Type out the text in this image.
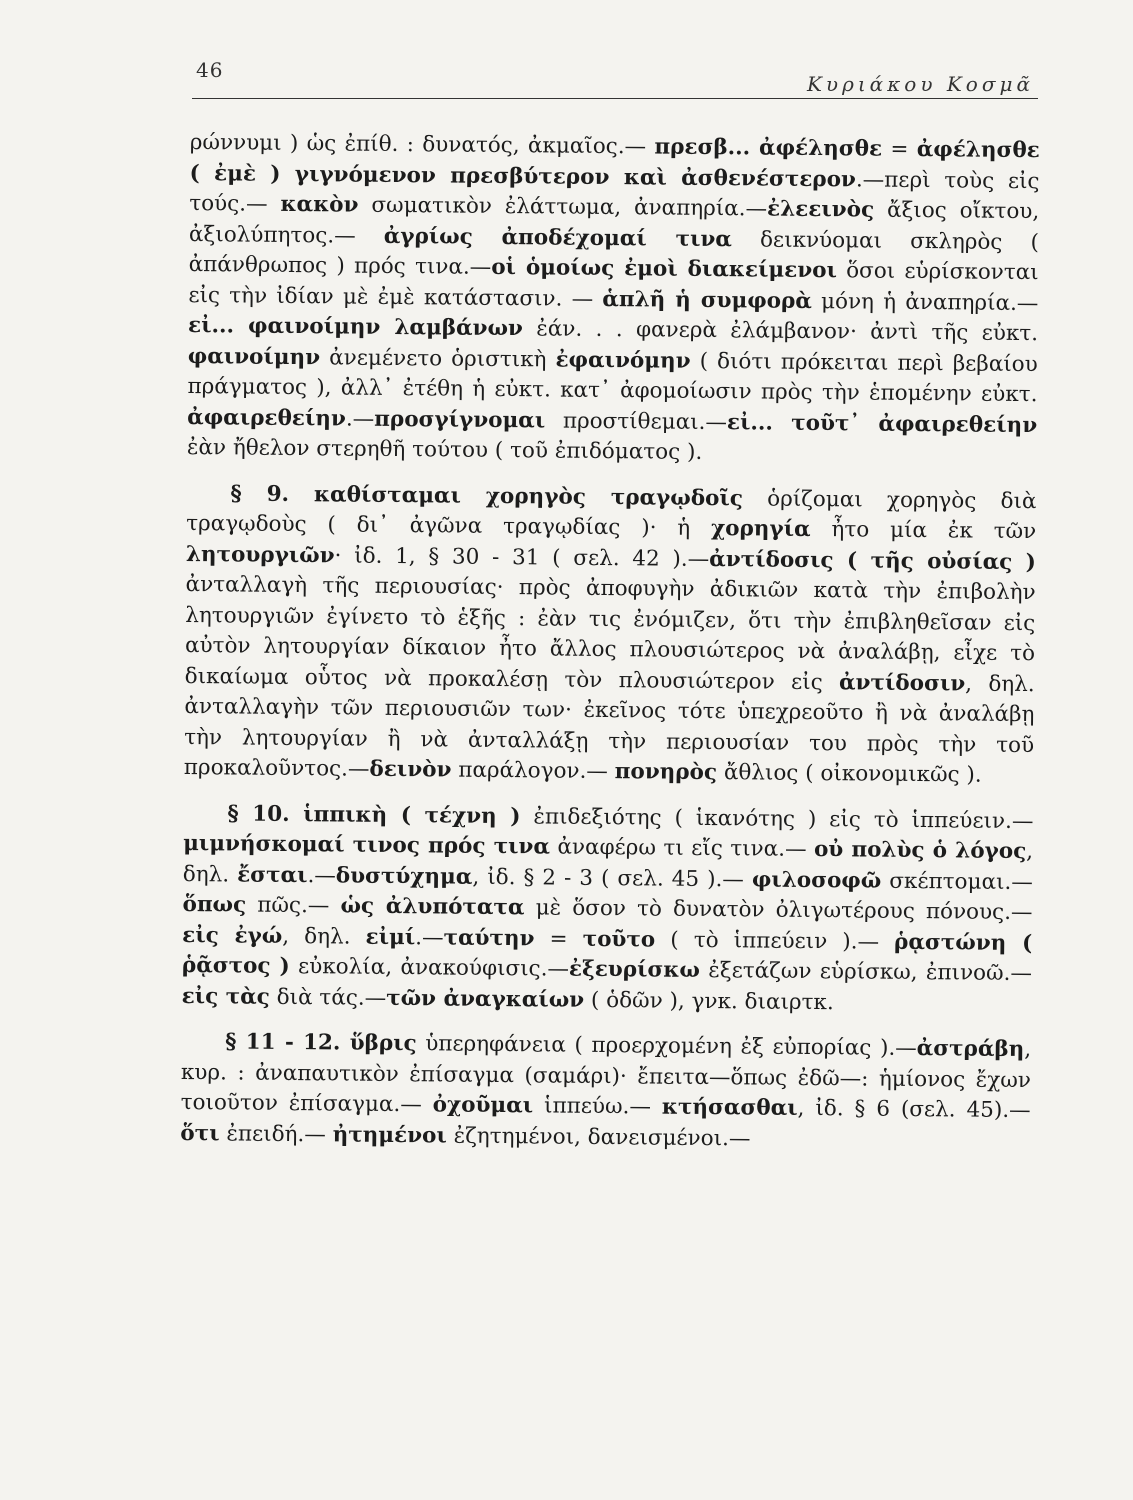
46
Κυριάκου Κοσμᾶ

ρώννυμι ) ὡς ἐπίθ. : δυνατός, ἀκμαῖος.— πρεσβ... ἀφέλησθε = ἀφέλησθε ( ἐμὲ ) γιγνόμενον πρεσβύτερον καὶ ἀσθενέστερον.—περὶ τοὺς εἰς τούς.— κακὸν σωματικὸν ἐλάττωμα, ἀναπηρία.—ἐλεεινὸς ἄξιος οἴκτου, ἀξιολύπητος.— ἀγρίως ἀποδέχομαί τινα δεικνύομαι σκληρὸς ( ἀπάνθρωπος ) πρός τινα.—οἱ ὁμοίως ἐμοὶ διακείμενοι ὅσοι εὑρίσκονται εἰς τὴν ἰδίαν μὲ ἐμὲ κατάστασιν. — ἁπλῆ ἡ συμφορὰ μόνη ἡ ἀναπηρία.— εἰ... φαινοίμην λαμβάνων ἐάν. . . φανερὰ ἐλάμβανον· ἀντὶ τῆς εὐκτ. φαινοίμην ἀνεμένετο ὁριστικὴ ἐφαινόμην ( διότι πρόκειται περὶ βεβαίου πράγματος ), ἀλλ᾽ ἐτέθη ἡ εὐκτ. κατ᾽ ἀφομοίωσιν πρὸς τὴν ἑπομένην εὐκτ. ἀφαιρεθείην.—προσγίγνομαι προστίθεμαι.—εἰ... τοῦτ᾽ ἀφαιρεθείην ἐὰν ἤθελον στερηθῆ τούτου ( τοῦ ἐπιδόματος ).

§ 9. καθίσταμαι χορηγὸς τραγῳδοῖς ὁρίζομαι χορηγὸς διὰ τραγῳδοὺς ( δι᾽ ἀγῶνα τραγῳδίας )· ἡ χορηγία ἦτο μία ἐκ τῶν λητουργιῶν· ἰδ. 1, § 30 - 31 ( σελ. 42 ).—ἀντίδοσις ( τῆς οὐσίας ) ἀνταλλαγὴ τῆς περιουσίας· πρὸς ἀποφυγὴν ἀδικιῶν κατὰ τὴν ἐπιβολὴν λητουργιῶν ἐγίνετο τὸ ἑξῆς : ἐὰν τις ἐνόμιζεν, ὅτι τὴν ἐπιβληθεῖσαν εἰς αὐτὸν λητουργίαν δίκαιον ἦτο ἄλλος πλουσιώτερος νὰ ἀναλάβῃ, εἶχε τὸ δικαίωμα οὗτος νὰ προκαλέσῃ τὸν πλουσιώτερον εἰς ἀντίδοσιν, δηλ. ἀνταλλαγὴν τῶν περιουσιῶν των· ἐκεῖνος τότε ὑπεχρεοῦτο ἢ νὰ ἀναλάβῃ τὴν λητουργίαν ἢ νὰ ἀνταλλάξῃ τὴν περιουσίαν του πρὸς τὴν τοῦ προκαλοῦντος.—δεινὸν παράλογον.— πονηρὸς ἄθλιος ( οἰκονομικῶς ).

§ 10. ἱππικὴ ( τέχνη ) ἐπιδεξιότης ( ἱκανότης ) εἰς τὸ ἱππεύειν.—μιμνήσκομαί τινος πρός τινα ἀναφέρω τι εἴς τινα.— οὐ πολὺς ὁ λόγος, δηλ. ἔσται.—δυστύχημα, ἰδ. § 2 - 3 ( σελ. 45 ).— φιλοσοφῶ σκέπτομαι.— ὅπως πῶς.— ὡς ἀλυπότατα μὲ ὅσον τὸ δυνατὸν ὀλιγωτέρους πόνους.— εἰς ἐγώ, δηλ. εἰμί.—ταύτην = τοῦτο ( τὸ ἱππεύειν ).— ῥᾳστώνη ( ῥᾷστος ) εὐκολία, ἀνακούφισις.—ἐξευρίσκω ἐξετάζων εὑρίσκω, ἐπινοῶ.— εἰς τὰς διὰ τάς.—τῶν ἀναγκαίων ( ὁδῶν ), γνκ. διαιρτκ.

§ 11 - 12. ὕβρις ὑπερηφάνεια ( προερχομένη ἐξ εὐπορίας ).—ἀστράβη, κυρ. : ἀναπαυτικὸν ἐπίσαγμα (σαμάρι)· ἔπειτα—ὅπως ἐδῶ—: ἡμίονος ἔχων τοιοῦτον ἐπίσαγμα.— ὀχοῦμαι ἱππεύω.— κτήσασθαι, ἰδ. § 6 (σελ. 45).—ὅτι ἐπειδή.— ἠτημένοι ἐζητημένοι, δανεισμένοι.—
